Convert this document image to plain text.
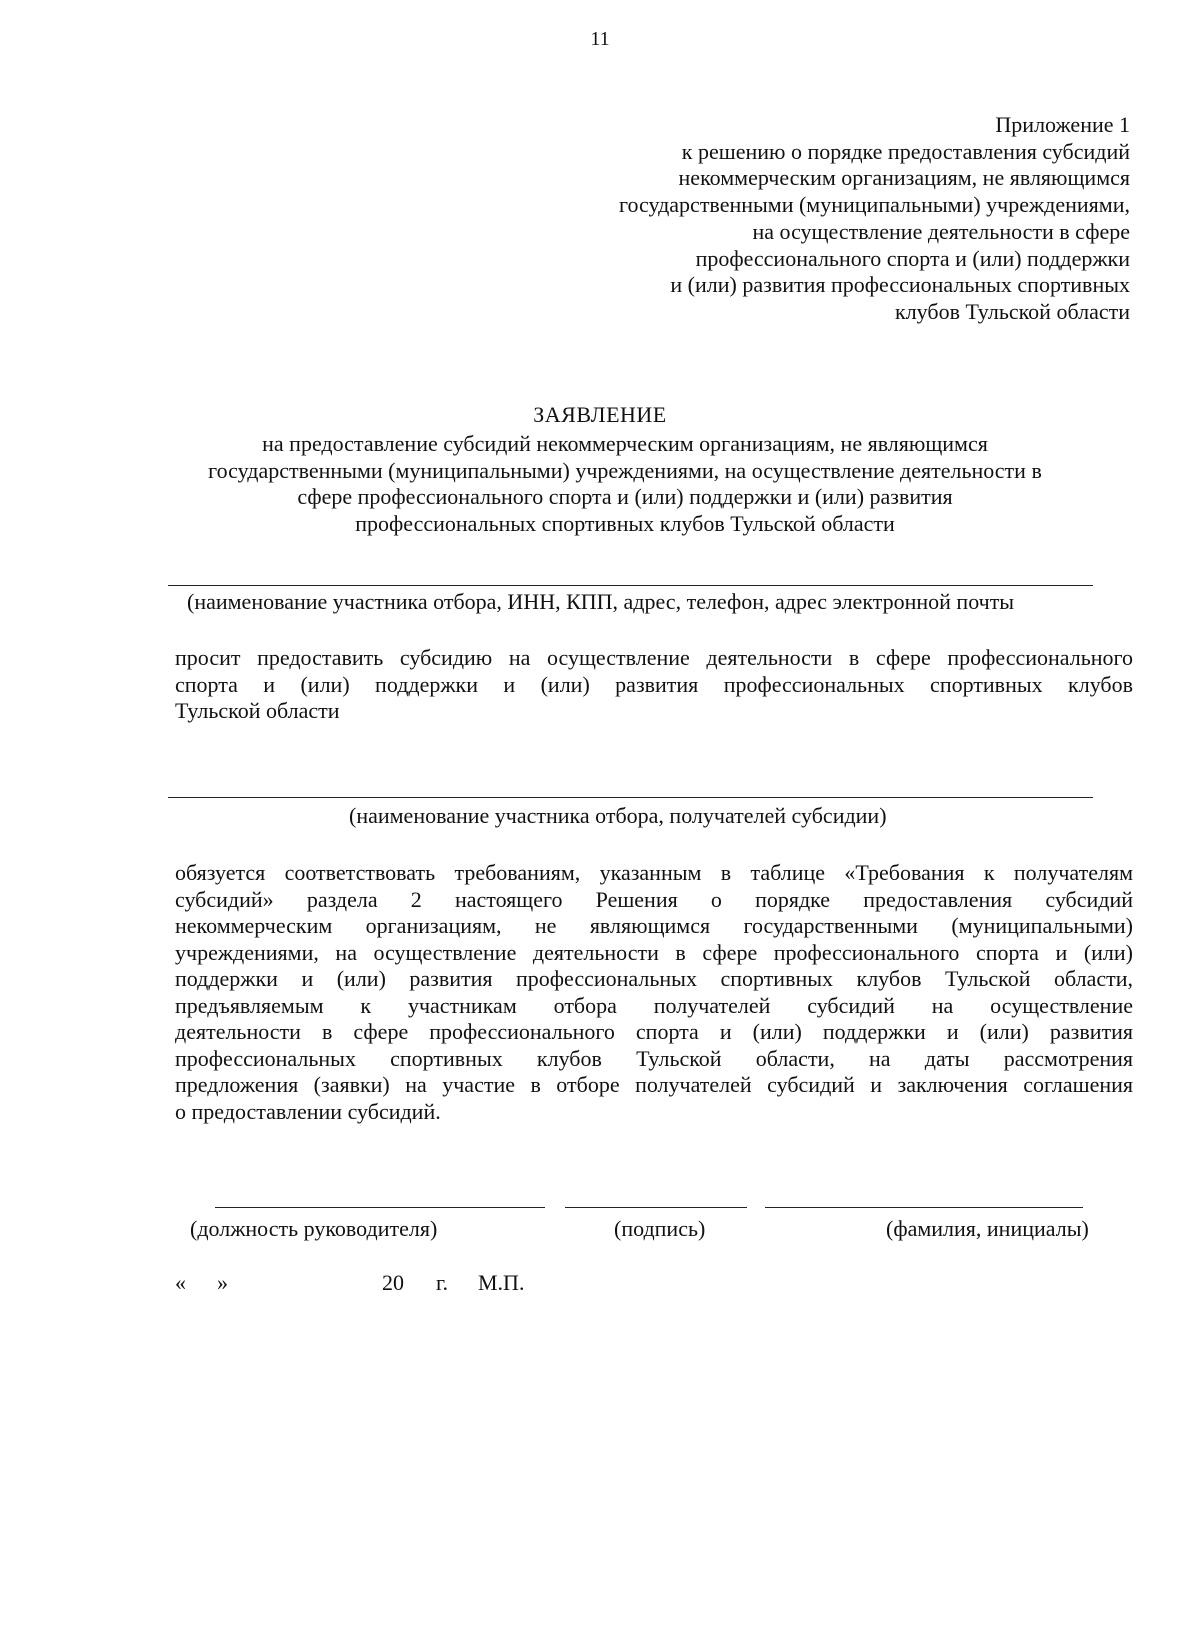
11
Приложение 1
к решению о порядке предоставления субсидий
некоммерческим организациям, не являющимся
государственными (муниципальными) учреждениями,
на осуществление деятельности в сфере
профессионального спорта и (или) поддержки
и (или) развития профессиональных спортивных
клубов Тульской области
ЗАЯВЛЕНИЕ
на предоставление субсидий некоммерческим организациям, не являющимся
государственными (муниципальными) учреждениями, на осуществление деятельности в
сфере профессионального спорта и (или) поддержки и (или) развития
профессиональных спортивных клубов Тульской области
(наименование участника отбора, ИНН, КПП, адрес, телефон, адрес электронной почты
просит предоставить субсидию на осуществление деятельности в сфере профессионального
спорта и (или) поддержки и (или) развития профессиональных спортивных клубов
Тульской области
(наименование участника отбора, получателей субсидии)
обязуется соответствовать требованиям, указанным в таблице «Требования к получателям
субсидий» раздела 2 настоящего Решения о порядке предоставления субсидий
некоммерческим организациям, не являющимся государственными (муниципальными)
учреждениями, на осуществление деятельности в сфере профессионального спорта и (или)
поддержки и (или) развития профессиональных спортивных клубов Тульской области,
предъявляемым к участникам отбора получателей субсидий на осуществление
деятельности в сфере профессионального спорта и (или) поддержки и (или) развития
профессиональных спортивных клубов Тульской области, на даты рассмотрения
предложения (заявки) на участие в отборе получателей субсидий и заключения соглашения
о предоставлении субсидий.
(должность руководителя)	(подпись)	(фамилия, инициалы)
« »	20 г. М.П.
